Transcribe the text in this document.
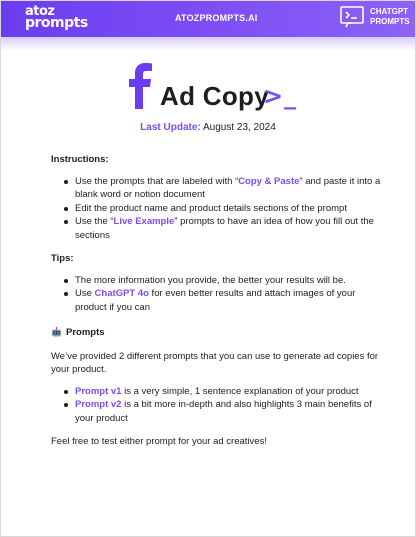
atoz
prompts	ATOZPROMPTS.AI
CHATGPT
PROMPTS
Ad Copy
>_
Last Update: August 23, 2024

Instructions:

Use the prompts that are labeled with “Copy & Paste” and paste it into a blank word or notion document
Edit the product name and product details sections of the prompt
Use the “Live Example” prompts to have an idea of how you fill out the sections

Tips:

The more information you provide, the better your results will be.
Use ChatGPT 4o for even better results and attach images of your product if you can
Prompts

We’ve provided 2 different prompts that you can use to generate ad copies for your product.

Prompt v1 is a very simple, 1 sentence explanation of your product
Prompt v2 is a bit more in-depth and also highlights 3 main benefits of your product

Feel free to test either prompt for your ad creatives!
